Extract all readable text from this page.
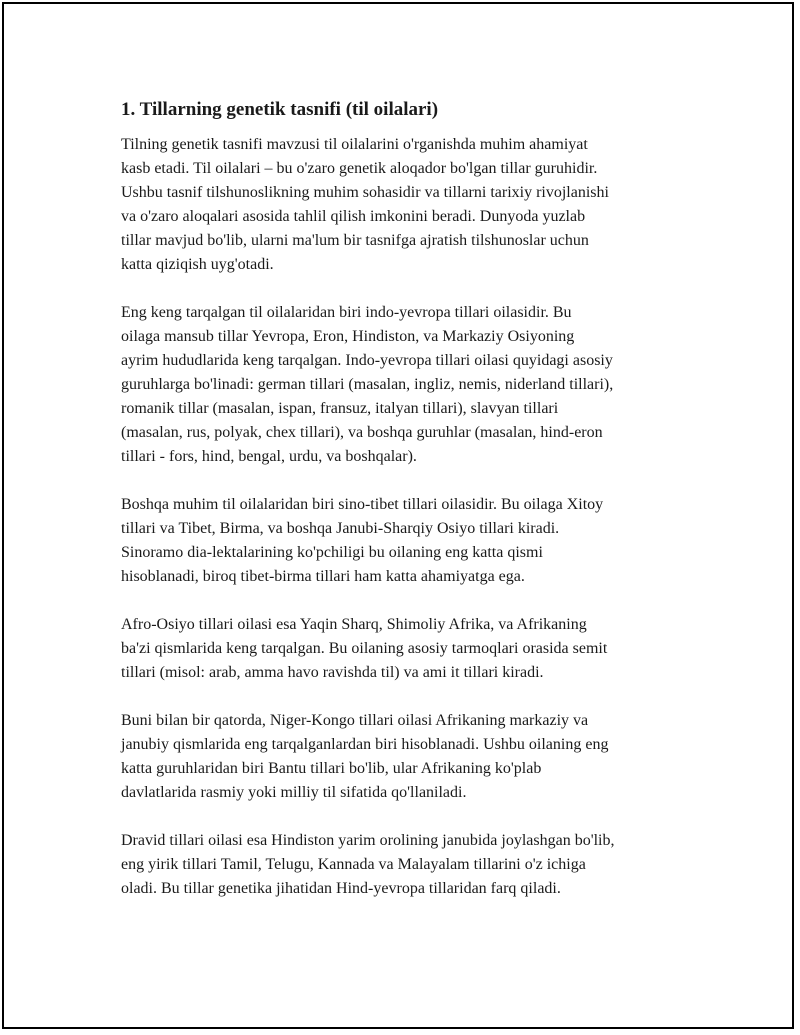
1. Tillarning genetik tasnifi (til oilalari)

Tilning genetik tasnifi mavzusi til oilalarini o'rganishda muhim ahamiyat
kasb etadi. Til oilalari – bu o'zaro genetik aloqador bo'lgan tillar guruhidir.
Ushbu tasnif tilshunoslikning muhim sohasidir va tillarni tarixiy rivojlanishi
va o'zaro aloqalari asosida tahlil qilish imkonini beradi. Dunyoda yuzlab
tillar mavjud bo'lib, ularni ma'lum bir tasnifga ajratish tilshunoslar uchun
katta qiziqish uyg'otadi.

Eng keng tarqalgan til oilalaridan biri indo-yevropa tillari oilasidir. Bu
oilaga mansub tillar Yevropa, Eron, Hindiston, va Markaziy Osiyoning
ayrim hududlarida keng tarqalgan. Indo-yevropa tillari oilasi quyidagi asosiy
guruhlarga bo'linadi: german tillari (masalan, ingliz, nemis, niderland tillari),
romanik tillar (masalan, ispan, fransuz, italyan tillari), slavyan tillari
(masalan, rus, polyak, chex tillari), va boshqa guruhlar (masalan, hind-eron
tillari - fors, hind, bengal, urdu, va boshqalar).

Boshqa muhim til oilalaridan biri sino-tibet tillari oilasidir. Bu oilaga Xitoy
tillari va Tibet, Birma, va boshqa Janubi-Sharqiy Osiyo tillari kiradi.
Sinoramo dia-lektalarining ko'pchiligi bu oilaning eng katta qismi
hisoblanadi, biroq tibet-birma tillari ham katta ahamiyatga ega.

Afro-Osiyo tillari oilasi esa Yaqin Sharq, Shimoliy Afrika, va Afrikaning
ba'zi qismlarida keng tarqalgan. Bu oilaning asosiy tarmoqlari orasida semit
tillari (misol: arab, amma havo ravishda til) va ami it tillari kiradi.

Buni bilan bir qatorda, Niger-Kongo tillari oilasi Afrikaning markaziy va
janubiy qismlarida eng tarqalganlardan biri hisoblanadi. Ushbu oilaning eng
katta guruhlaridan biri Bantu tillari bo'lib, ular Afrikaning ko'plab
davlatlarida rasmiy yoki milliy til sifatida qo'llaniladi.

Dravid tillari oilasi esa Hindiston yarim orolining janubida joylashgan bo'lib,
eng yirik tillari Tamil, Telugu, Kannada va Malayalam tillarini o'z ichiga
oladi. Bu tillar genetika jihatidan Hind-yevropa tillaridan farq qiladi.
